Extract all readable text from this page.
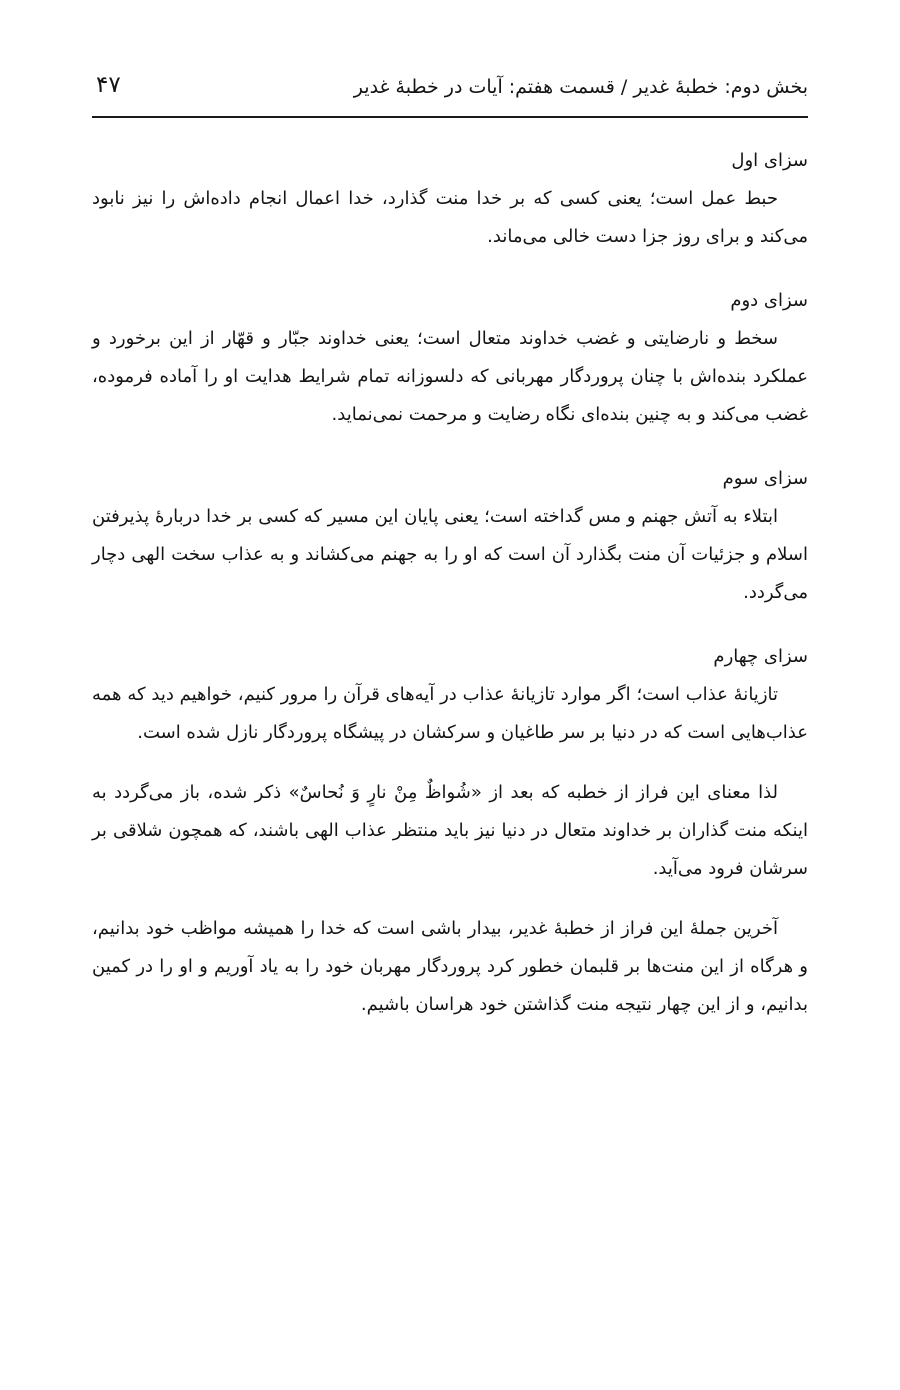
بخش دوم: خطبهٔ غدیر / قسمت هفتم: آیات در خطبهٔ غدیر
۴۷
سزای اول

حبط عمل است؛ یعنی کسی که بر خدا منت گذارد، خدا اعمال انجام داده‌اش را نیز نابود می‌کند و برای روز جزا دست خالی می‌ماند.

سزای دوم

سخط و نارضایتی و غضب خداوند متعال است؛ یعنی خداوند جبّار و قهّار از این برخورد و عملکرد بنده‌اش با چنان پروردگار مهربانی که دلسوزانه تمام شرایط هدایت او را آماده فرموده، غضب می‌کند و به چنین بنده‌ای نگاه رضایت و مرحمت نمی‌نماید.

سزای سوم

ابتلاء به آتش جهنم و مس گداخته است؛ یعنی پایان این مسیر که کسی بر خدا دربارهٔ پذیرفتن اسلام و جزئیات آن منت بگذارد آن است که او را به جهنم می‌کشاند و به عذاب سخت الهی دچار می‌گردد.

سزای چهارم

تازیانهٔ عذاب است؛ اگر موارد تازیانهٔ عذاب در آیه‌های قرآن را مرور کنیم، خواهیم دید که همه عذاب‌هایی است که در دنیا بر سر طاغیان و سرکشان در پیشگاه پروردگار نازل شده است.

لذا معنای این فراز از خطبه که بعد از «شُواظٌ مِنْ نارٍ وَ نُحاسٌ» ذکر شده، باز می‌گردد به اینکه منت گذاران بر خداوند متعال در دنیا نیز باید منتظر عذاب الهی باشند، که همچون شلاقی بر سرشان فرود می‌آید.

آخرین جملهٔ این فراز از خطبهٔ غدیر، بیدار باشی است که خدا را همیشه مواظب خود بدانیم، و هرگاه از این منت‌ها بر قلبمان خطور کرد پروردگار مهربان خود را به یاد آوریم و او را در کمین بدانیم، و از این چهار نتیجه منت گذاشتن خود هراسان باشیم.
